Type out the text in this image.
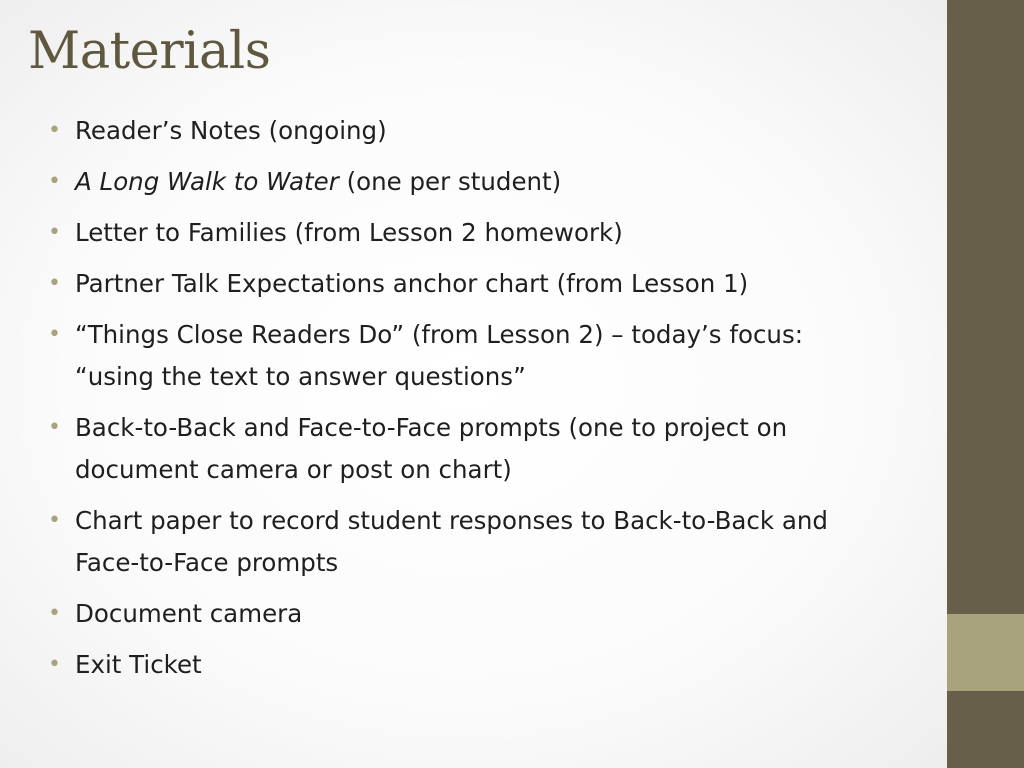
Materials
• Reader’s Notes (ongoing)
• A Long Walk to Water (one per student)
• Letter to Families (from Lesson 2 homework)
• Partner Talk Expectations anchor chart (from Lesson 1)
• “Things Close Readers Do” (from Lesson 2) – today’s focus:
“using the text to answer questions”
• Back-to-Back and Face-to-Face prompts (one to project on
document camera or post on chart)
• Chart paper to record student responses to Back-to-Back and
Face-to-Face prompts
• Document camera
• Exit Ticket
